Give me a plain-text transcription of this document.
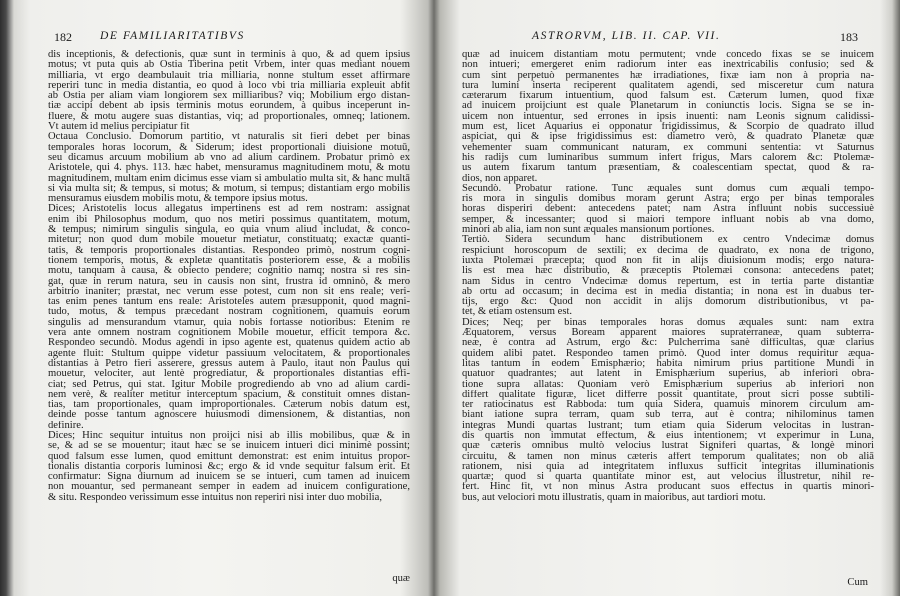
182 DE FAMILIARITATIBVS
dis inceptionis, & defectionis, quæ sunt in terminis à quo, & ad quem ipsius
motus; vt puta quis ab Ostia Tiberina petit Vrbem, inter quas mediant nouem
milliaria, vt ergo deambulauit tria milliaria, nonne stultum esset affirmare
reperiri tunc in media distantia, eo quod à loco vbi tria milliaria expleuit abfit
ab Ostia per aliam viam longiorem sex milliaribus? viq; Mobilium ergo distan-
tiæ accipi debent ab ipsis terminis motus eorundem, à quibus inceperunt in-
fluere, & motu augere suas distantias, viq; ad proportionales, omneq; lationem.
Vt autem id melius percipiatur fit
Octaua Conclusio. Domorum partitio, vt naturalis sit fieri debet per binas
temporales horas locorum, & Siderum; idest proportionali diuisione motuū,
seu dicamus arcuum mobilium ab vno ad alium cardinem. Probatur primò ex
Aristotele, qui 4. phys. 113. hæc habet, mensuramus magnitudinem motu, & motu
magnitudinem, multam enim dicimus esse viam si ambulatio multa sit, & hanc multā
si via multa sit; & tempus, si motus; & motum, si tempus; distantiam ergo mobilis
mensuramus eiusdem mobilis motu, & tempore ipsius motus.
Dices; Aristotelis locus allegatus impertinens est ad rem nostram: assignat
enim ibi Philosophus modum, quo nos metiri possimus quantitatem, motum,
& tempus; nimirum singulis singula, eo quia vnum aliud includat, & conco-
mitetur; non quod dum mobile mouetur metiatur, constituatq; exactæ quanti-
tatis, & temporis proportionales distantias. Respondeo primò, nostrum cogni-
tionem temporis, motus, & expletæ quantitatis posteriorem esse, & a mobilis
motu, tanquam à causa, & obiecto pendere; cognitio namq; nostra si res sin-
gat, quæ in rerum natura, seu in causis non sint, frustra id omninò, & mero
arbitrio inaniter; præstat, nec verum esse potest, cum non sit ens reale; veri-
tas enim penes tantum ens reale: Aristoteles autem præsupponit, quod magni-
tudo, motus, & tempus præcedant nostram cognitionem, quamuis eorum
singulis ad mensurandum vtamur, quia nobis fortasse notioribus: Etenim re
vera ante omnem nostram cognitionem Mobile mouetur, efficit tempora &c.
Respondeo secundò. Modus agendi in ipso agente est, quatenus quidem actio ab
agente fluit: Stultum quippe videtur passiuum velocitatem, & proportionales
distantias à Petro fieri asserere, gressus autem à Paulo, itaut non Paulus qui
mouetur, velociter, aut lentè progrediatur, & proportionales distantias effi-
ciat; sed Petrus, qui stat. Igitur Mobile progrediendo ab vno ad alium cardi-
nem verè, & realiter metitur interceptum spacium, & constituit omnes distan-
tias, tam proportionales, quam improportionales. Cæterum nobis datum est,
deinde posse tantum agnoscere huiusmodi dimensionem, & distantias, non
definire.
Dices; Hinc sequitur intuitus non proijci nisi ab illis mobilibus, quæ & in
se, & ad se se mouentur; itaut hæc se se inuicem intueri dici minimè possint;
quod falsum esse lumen, quod emittunt demonstrat: est enim intuitus propor-
tionalis distantia corporis luminosi &c; ergo & id vnde sequitur falsum erit. Et
confirmatur: Signa diurnum ad inuicem se se intueri, cum tamen ad inuicem
non mouantur, sed permaneant semper in eadem ad inuicem configuratione,
& situ. Respondeo verissimum esse intuitus non reperiri nisi inter duo mobilia,
quæ
ASTRORVM, LIB. II. CAP. VII.	183
quæ ad inuicem distantiam motu permutent; vnde concedo fixas se se inuicem
non intueri; emergeret enim radiorum inter eas inextricabilis confusio; sed &
cum sint perpetuò permanentes hæ irradiationes, fixæ iam non à propria na-
tura lumini inserta reciperent qualitatem agendi, sed misceretur cum natura
cæterarum fixarum intuentium, quod falsum est. Cæterum lumen, quod fixæ
ad inuicem proijciunt est quale Planetarum in coniunctis locis. Signa se se in-
uicem non intuentur, sed errones in ipsis inuenti: nam Leonis signum calidissi-
mum est, licet Aquarius ei opponatur frigidissimus, & Scorpio de quadrato illud
aspiciat, qui & ipse frigidissimus est: diametro verò, & quadrato Planetæ quæ
vehementer suam communicant naturam, ex communi sententia: vt Saturnus
his radijs cum luminaribus summum infert frigus, Mars calorem &c: Ptolemæ-
us autem fixarum tantum præsentiam, & coalescentiam spectat, quod & ra-
dios, non apparet.
Secundò. Probatur ratione. Tunc æquales sunt domus cum æquali tempo-
ris mora in singulis domibus moram gerunt Astra; ergo per binas temporales
horas disperiri debent: antecedens patet; nam Astra influunt nobis successiuè
semper, & incessanter; quod si maiori tempore influant nobis ab vna domo,
minori ab alia, iam non sunt æquales mansionum portiones.
Tertiò. Sidera secundum hanc distributionem ex centro Vndecimæ domus
respiciunt horoscopum de sextili; ex decima de quadrato, ex nona de trigono,
iuxta Ptolemæi præcepta; quod non fit in alijs diuisionum modis; ergo natura-
lis est mea hæc distributio, & præceptis Ptolemæi consona: antecedens patet;
nam Sidus in centro Vndecimæ domus repertum, est in tertia parte distantiæ
ab ortu ad occasum; in decima est in media distantia; in nona est in duabus ter-
tijs, ergo &c: Quod non accidit in alijs domorum distributionibus, vt pa-
tet, & etiam ostensum est.
Dices; Neq; per binas temporales horas domus æquales sunt: nam extra
Æquatorem, versus Boream apparent maiores supraterraneæ, quam subterra-
neæ, è contra ad Astrum, ergo &c: Pulcherrima sanè difficultas, quæ clarius
quidem alibi patet. Respondeo tamen primò. Quod inter domus requiritur æqua-
litas tantum in eodem Emisphærio; habita nimirum prius partitione Mundi in
quatuor quadrantes; aut latent in Emisphærium superius, ab inferiori obra-
tione supra allatas: Quoniam verò Emisphærium superius ab inferiori non
differt qualitate figuræ, licet differre possit quantitate, prout sicri posse subtili-
ter ratiocinatus est Rabboda: tum quia Sidera, quamuis minorem circulum am-
biant iatione supra terram, quam sub terra, aut è contra; nihilominus tamen
integras Mundi quartas lustrant; tum etiam quia Siderum velocitas in lustran-
dis quartis non immutat effectum, & eius intentionem; vt experimur in Luna,
quæ cæteris omnibus multò velocius lustrat Signiferi quartas, & longè minori
circuitu, & tamen non minus cæteris affert temporum qualitates; non ob aliā
rationem, nisi quia ad integritatem influxus sufficit integritas illuminationis
quartæ; quod si quarta quantitate minor est, aut velocius illustretur, nihil re-
fert. Hinc fit, vt non minus Astra producant suos effectus in quartis minori-
bus, aut velociori motu illustratis, quam in maioribus, aut tardiori motu.
Cum
